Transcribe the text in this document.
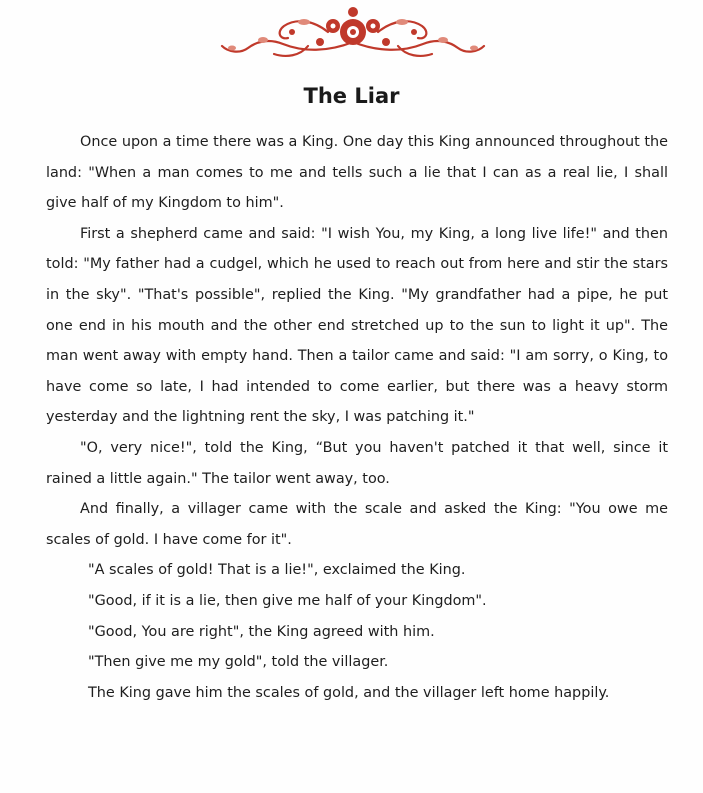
The Liar

Once upon a time there was a King. One day this King announced throughout the land: "When a man comes to me and tells such a lie that I can as a real lie, I shall give half of my Kingdom to him".

First a shepherd came and said: "I wish You, my King, a long live life!" and then told: "My father had a cudgel, which he used to reach out from here and stir the stars in the sky". "That's possible", replied the King. "My grandfather had a pipe, he put one end in his mouth and the other end stretched up to the sun to light it up". The man went away with empty hand. Then a tailor came and said: "I am sorry, o King, to have come so late, I had intended to come earlier, but there was a heavy storm yesterday and the lightning rent the sky, I was patching it."

"O, very nice!", told the King, “But you haven't patched it that well, since it rained a little again." The tailor went away, too.

And finally, a villager came with the scale and asked the King: "You owe me scales of gold. I have come for it".

"A scales of gold! That is a lie!", exclaimed the King.

"Good, if it is a lie, then give me half of your Kingdom".

"Good, You are right", the King agreed with him.

"Then give me my gold", told the villager.

The King gave him the scales of gold, and the villager left home happily.
